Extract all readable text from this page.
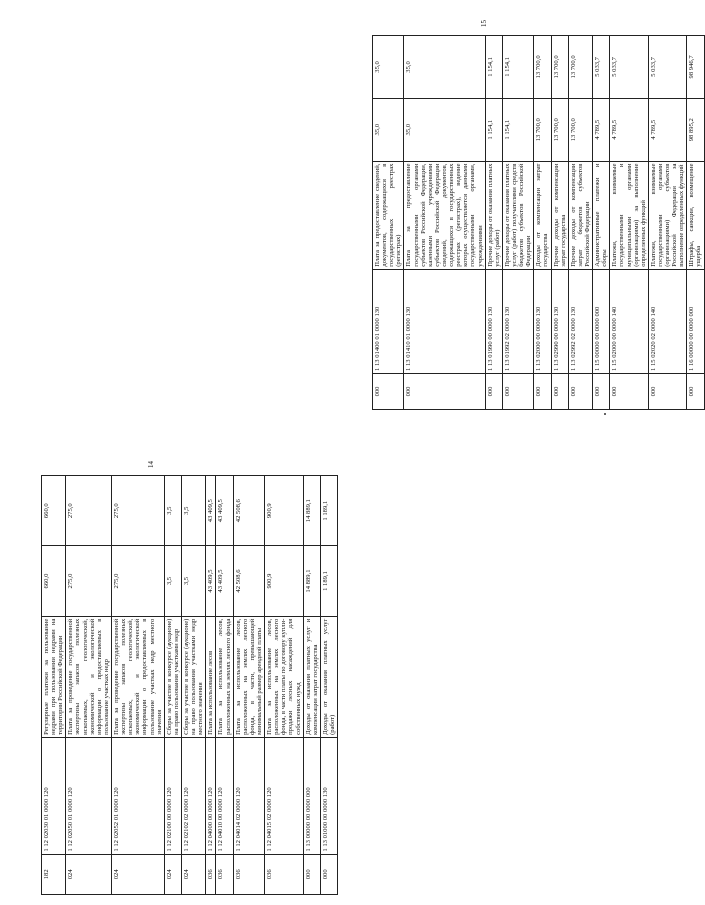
14
182	1 12 02030 01 0000 120	Регулярные платежи за пользование недрами при пользовании недрами на территории Российской Федерации	660,0	660,0
024	1 12 02050 01 0000 120	Плата за проведение государственной экспертизы запасов полезных ископаемых, геологической, экономической и экологической информации о предоставляемых в пользование участках недр	275,0	275,0
024	1 12 02052 01 0000 120	Плата за проведение государственной экспертизы запасов полезных ископаемых, геологической, экономической и экологической информации о предоставляемых в пользование участках недр местного значения	275,0	275,0
024	1 12 02100 00 0000 120	Сборы за участие в конкурсе (аукционе) на право пользования участками недр	3,5	3,5
024	1 12 02102 02 0000 120	Сборы за участие в конкурсе (аукционе) на право пользования участками недр местного значения	3,5	3,5
036	1 12 04000 00 0000 120	Плата за использование лесов	43 409,5	43 409,5
036	1 12 04010 00 0000 120	Плата за использование лесов, расположенных на землях лесного фонда	43 409,5	43 409,5
036	1 12 04014 02 0000 120	Плата за использование лесов, расположенных на землях лесного фонда, в части, превышающей минимальный размер арендной платы	42 508,6	42 508,6
036	1 12 04015 02 0000 120	Плата за использование лесов, расположенных на землях лесного фонда, в части платы по договору купли-продажи лесных насаждений для собственных нужд	900,9	900,9
000	1 13 00000 00 0000 000	Доходы от оказания платных услуг и компенсации затрат государства	14 889,1	14 889,1
000	1 13 01000 00 0000 130	Доходы от оказания платных услуг (работ)	1 189,1	1 189,1
15
000	1 13 01400 01 0000 130	Плата за предоставление сведений, документов, содержащихся в государственных реестрах (регистрах)	35,0	35,0
000	1 13 01410 01 0000 130	Плата за предоставление государственными органами субъектов Российской Федерации, казенными учреждениями субъектов Российской Федерации сведений, документов, содержащихся в государственных реестрах (регистрах), ведение которых осуществляется данными государственными органами, учреждениями	35,0	35,0
000	1 13 01990 00 0000 130	Прочие доходы от оказания платных услуг (работ)	1 154,1	1 154,1
000	1 13 01992 02 0000 130	Прочие доходы от оказания платных услуг (работ) получателями средств бюджетов субъектов Российской Федерации	1 154,1	1 154,1
000	1 13 02000 00 0000 130	Доходы от компенсации затрат государства	13 700,0	13 700,0
000	1 13 02990 00 0000 130	Прочие доходы от компенсации затрат государства	13 700,0	13 700,0
000	1 13 02992 02 0000 130	Прочие доходы от компенсации затрат бюджетов субъектов Российской Федерации	13 700,0	13 700,0
000	1 15 00000 00 0000 000	Административные платежи и сборы	4 789,5	5 033,7
000	1 15 02000 00 0000 140	Платежи, взимаемые государственными и муниципальными органами (организациями) за выполнение определенных функций	4 789,5	5 033,7
000	1 15 02020 02 0000 140	Платежи, взимаемые государственными органами (организациями) субъектов Российской Федерации за выполнение определенных функций	4 789,5	5 033,7
000	1 16 00000 00 0000 000	Штрафы, санкции, возмещение ущерба	98 895,2	98 946,7
